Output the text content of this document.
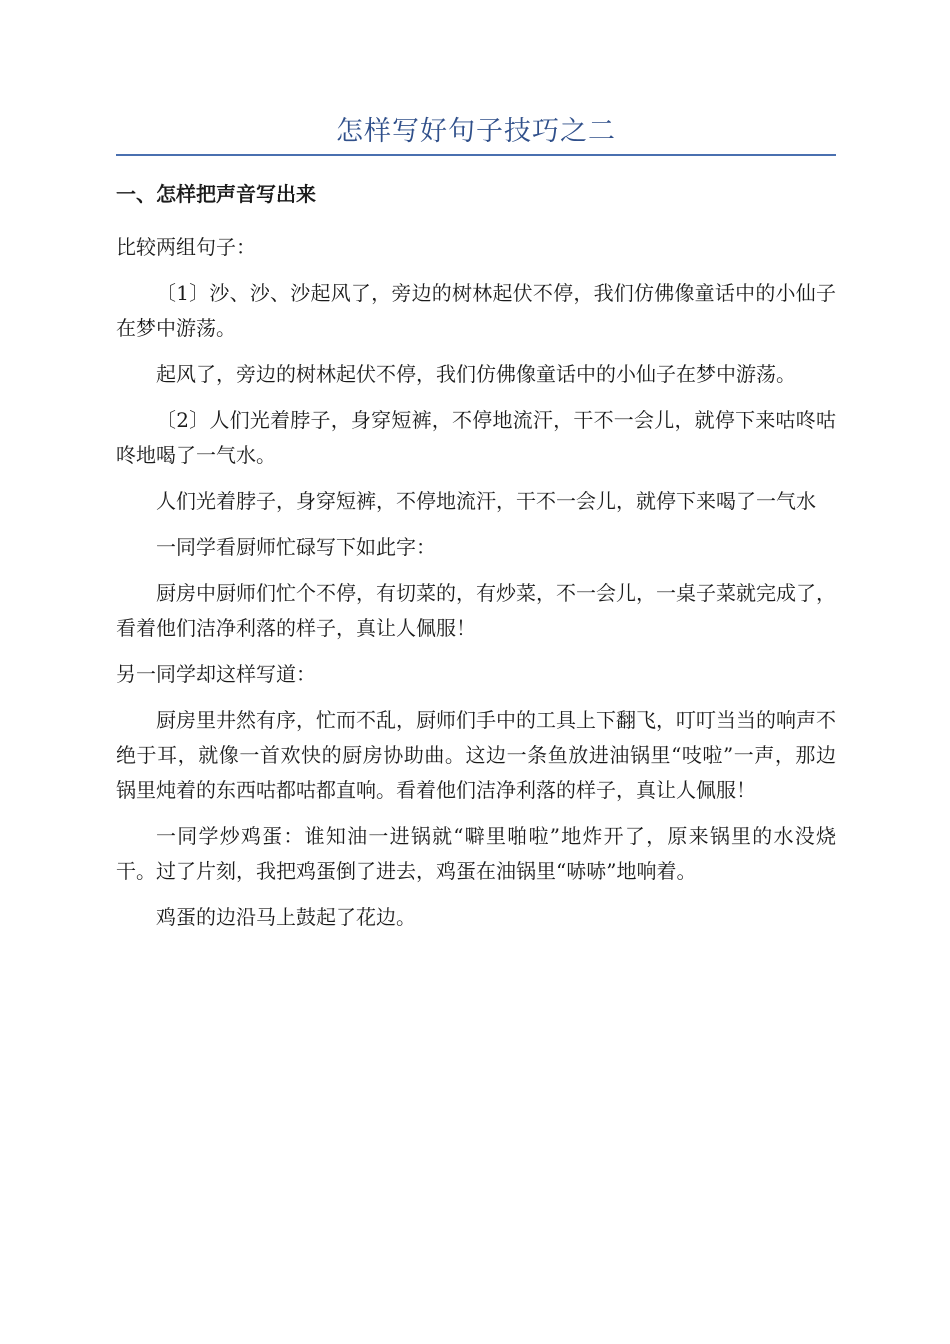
怎样写好句子技巧之二
一、怎样把声音写出来

比较两组句子：

〔1〕沙、沙、沙起风了，旁边的树林起伏不停，我们仿佛像童话中的小仙子在梦中游荡。

起风了，旁边的树林起伏不停，我们仿佛像童话中的小仙子在梦中游荡。

〔2〕人们光着脖子，身穿短裤，不停地流汗，干不一会儿，就停下来咕咚咕咚地喝了一气水。

人们光着脖子，身穿短裤，不停地流汗，干不一会儿，就停下来喝了一气水

一同学看厨师忙碌写下如此字：

厨房中厨师们忙个不停，有切菜的，有炒菜，不一会儿，一桌子菜就完成了，看着他们洁净利落的样子，真让人佩服！

另一同学却这样写道：

厨房里井然有序，忙而不乱，厨师们手中的工具上下翻飞，叮叮当当的响声不绝于耳，就像一首欢快的厨房协助曲。这边一条鱼放进油锅里“吱啦”一声，那边锅里炖着的东西咕都咕都直响。看着他们洁净利落的样子，真让人佩服！

一同学炒鸡蛋：谁知油一进锅就“噼里啪啦”地炸开了，原来锅里的水没烧干。过了片刻，我把鸡蛋倒了进去，鸡蛋在油锅里“哧哧”地响着。

鸡蛋的边沿马上鼓起了花边。
